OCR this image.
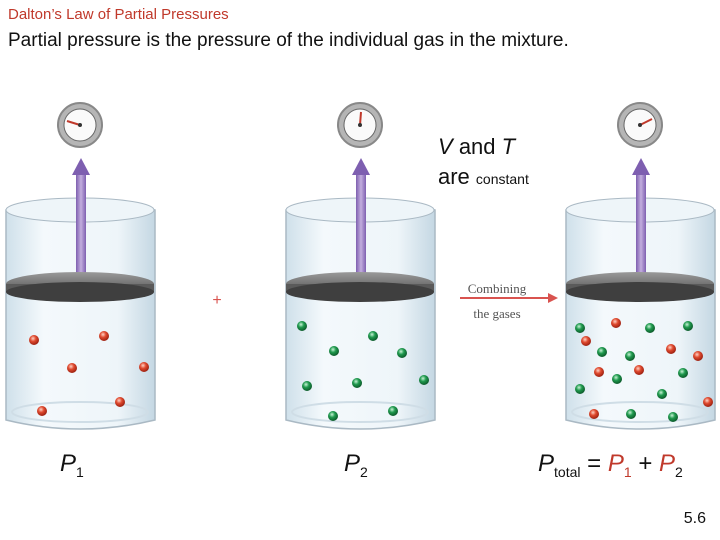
Dalton’s Law of Partial Pressures
Partial pressure is the pressure of the individual gas in the mixture.
+
Combining
the gases
V and T
are constant
$P_1$	$P_2$	$P_{total} = P_1 + P_2$
5.6
